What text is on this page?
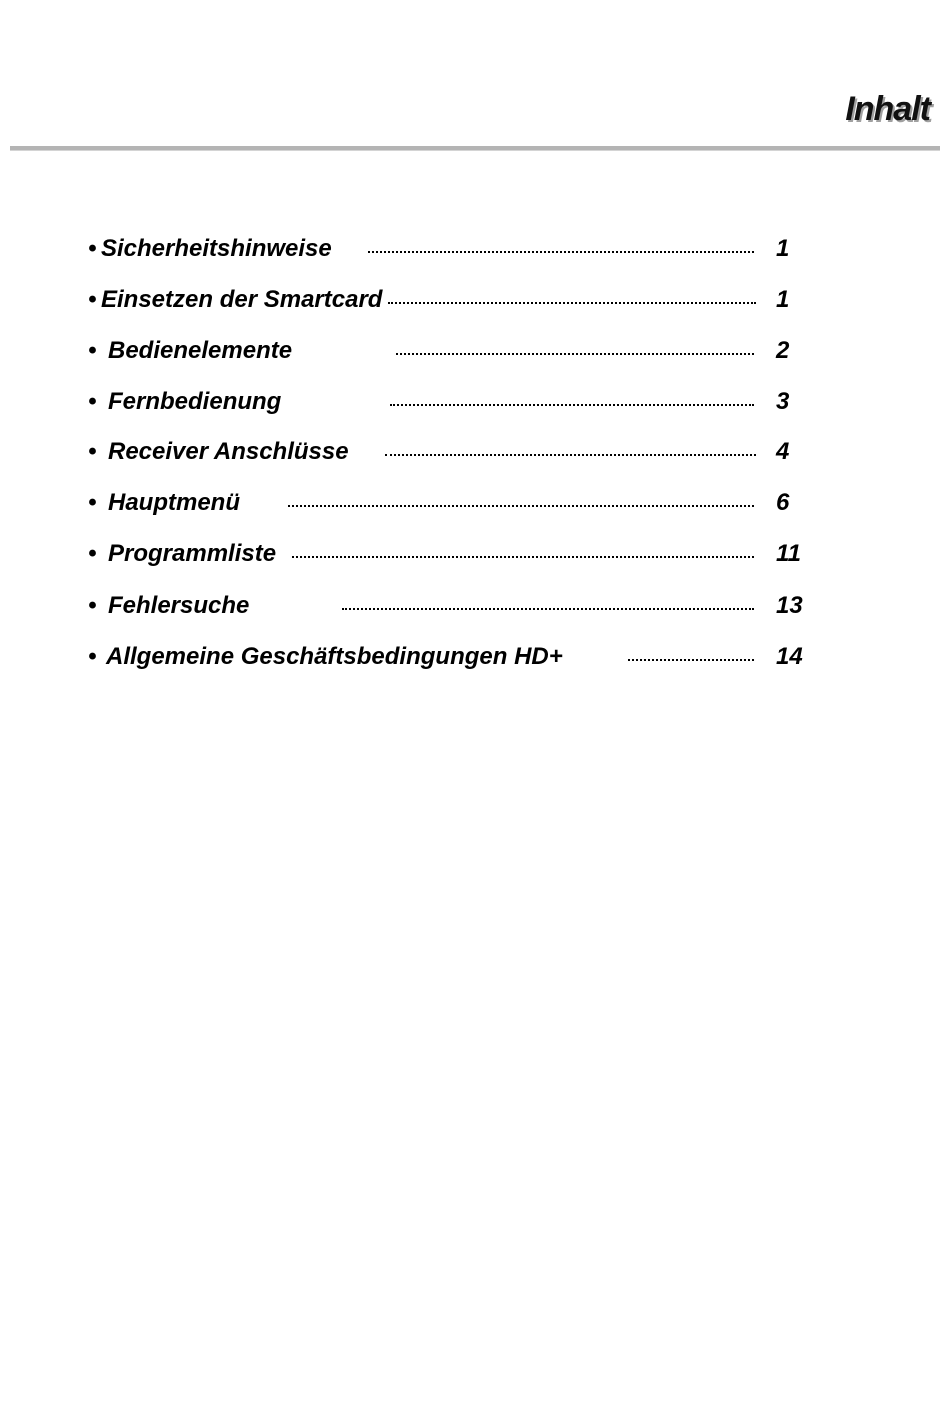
Inhalt
• Sicherheitshinweise	1
• Einsetzen der Smartcard	1
• Bedienelemente	2
• Fernbedienung	3
• Receiver Anschlüsse	4
• Hauptmenü	6
• Programmliste	11
• Fehlersuche	13
• Allgemeine Geschäftsbedingungen HD+	14
